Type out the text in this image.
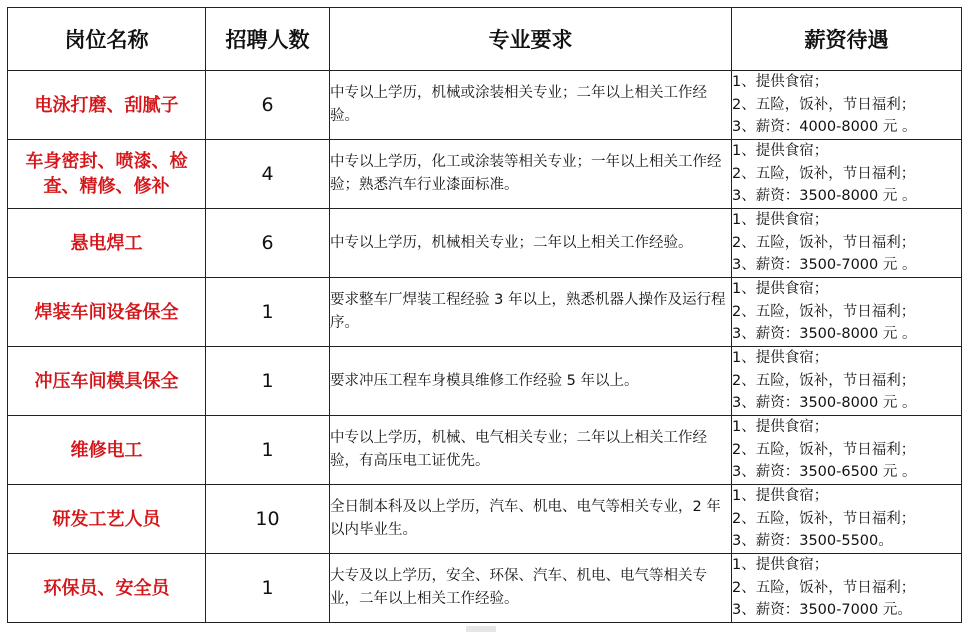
岗位名称	招聘人数	专业要求	薪资待遇
电泳打磨、刮腻子	6	中专以上学历，机械或涂装相关专业；二年以上相关工作经验。	1、提供食宿；
2、五险，饭补，节日福利；
3、薪资：4000-8000 元 。

车身密封、喷漆、检查、精修、修补	4	中专以上学历，化工或涂装等相关专业；一年以上相关工作经验；熟悉汽车行业漆面标准。	1、提供食宿；
2、五险，饭补，节日福利；
3、薪资：3500-8000 元 。

悬电焊工	6	中专以上学历，机械相关专业；二年以上相关工作经验。	1、提供食宿；
2、五险，饭补，节日福利；
3、薪资：3500-7000 元 。

焊装车间设备保全	1	要求整车厂焊装工程经验 3 年以上，熟悉机器人操作及运行程序。	1、提供食宿；
2、五险，饭补，节日福利；
3、薪资：3500-8000 元 。

冲压车间模具保全	1	要求冲压工程车身模具维修工作经验 5 年以上。	1、提供食宿；
2、五险，饭补，节日福利；
3、薪资：3500-8000 元 。

维修电工	1	中专以上学历，机械、电气相关专业；二年以上相关工作经验，有高压电工证优先。	1、提供食宿；
2、五险，饭补，节日福利；
3、薪资：3500-6500 元 。

研发工艺人员	10	全日制本科及以上学历，汽车、机电、电气等相关专业，2 年以内毕业生。	1、提供食宿；
2、五险，饭补，节日福利；
3、薪资：3500-5500。

环保员、安全员	1	大专及以上学历，安全、环保、汽车、机电、电气等相关专业，二年以上相关工作经验。	1、提供食宿；
2、五险，饭补，节日福利；
3、薪资：3500-7000 元。
